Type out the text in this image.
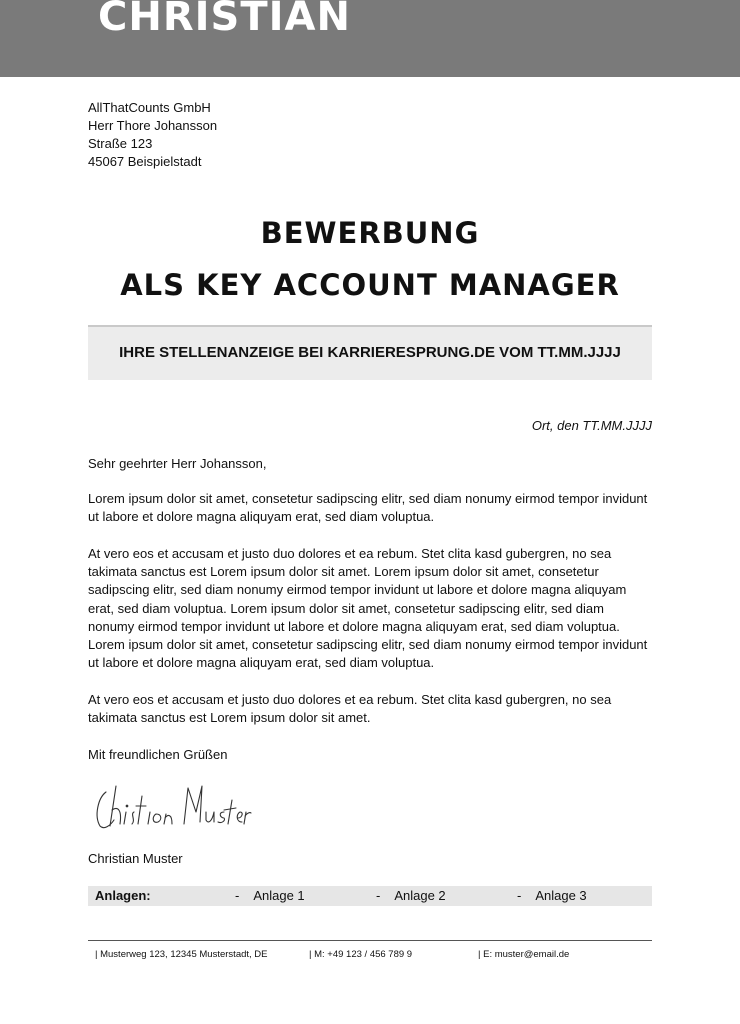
CHRISTIAN
AllThatCounts GmbH
Herr Thore Johansson
Straße 123
45067 Beispielstadt
BEWERBUNG
ALS KEY ACCOUNT MANAGER
IHRE STELLENANZEIGE BEI KARRIERESPRUNG.DE VOM TT.MM.JJJJ
Ort, den TT.MM.JJJJ

Sehr geehrter Herr Johansson,

Lorem ipsum dolor sit amet, consetetur sadipscing elitr, sed diam nonumy eirmod tempor invidunt ut labore et dolore magna aliquyam erat, sed diam voluptua.

At vero eos et accusam et justo duo dolores et ea rebum. Stet clita kasd gubergren, no sea takimata sanctus est Lorem ipsum dolor sit amet. Lorem ipsum dolor sit amet, consetetur sadipscing elitr, sed diam nonumy eirmod tempor invidunt ut labore et dolore magna aliquyam erat, sed diam voluptua. Lorem ipsum dolor sit amet, consetetur sadipscing elitr, sed diam nonumy eirmod tempor invidunt ut labore et dolore magna aliquyam erat, sed diam voluptua. Lorem ipsum dolor sit amet, consetetur sadipscing elitr, sed diam nonumy eirmod tempor invidunt ut labore et dolore magna aliquyam erat, sed diam voluptua.

At vero eos et accusam et justo duo dolores et ea rebum. Stet clita kasd gubergren, no sea takimata sanctus est Lorem ipsum dolor sit amet.

Mit freundlichen Grüßen

Christian Muster
Anlagen:	- Anlage 1	- Anlage 2	- Anlage 3
| Musterweg 123, 12345 Musterstadt, DE	| M: +49 123 / 456 789 9	| E: muster@email.de
